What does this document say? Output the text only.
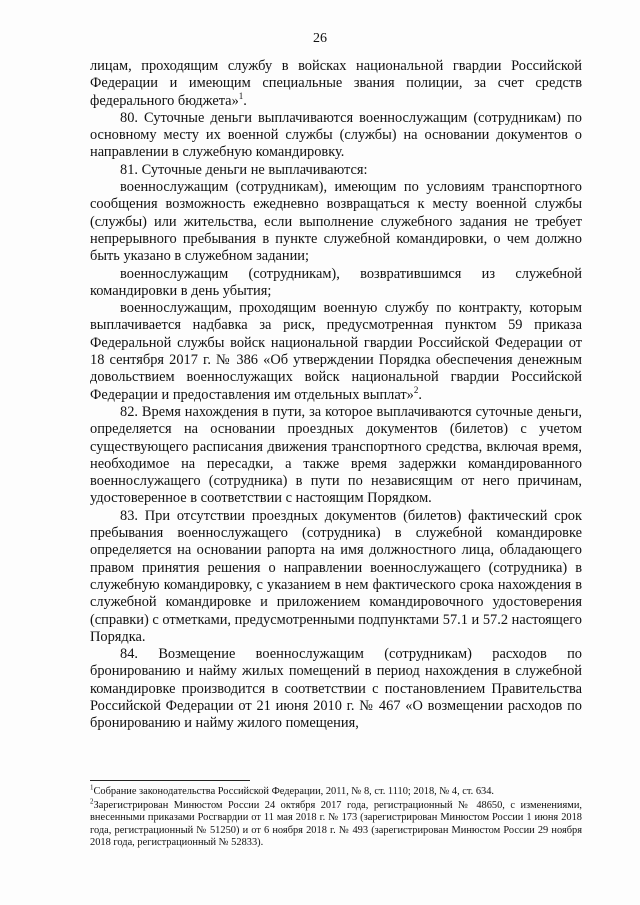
26

лицам, проходящим службу в войсках национальной гвардии Российской Федерации и имеющим специальные звания полиции, за счет средств федерального бюджета»$^1$.

80. Суточные деньги выплачиваются военнослужащим (сотрудникам) по основному месту их военной службы (службы) на основании документов о направлении в служебную командировку.

81. Суточные деньги не выплачиваются:

военнослужащим (сотрудникам), имеющим по условиям транспортного сообщения возможность ежедневно возвращаться к месту военной службы (службы) или жительства, если выполнение служебного задания не требует непрерывного пребывания в пункте служебной командировки, о чем должно быть указано в служебном задании;

военнослужащим (сотрудникам), возвратившимся из служебной командировки в день убытия;

военнослужащим, проходящим военную службу по контракту, которым выплачивается надбавка за риск, предусмотренная пунктом 59 приказа Федеральной службы войск национальной гвардии Российской Федерации от 18 сентября 2017 г. № 386 «Об утверждении Порядка обеспечения денежным довольствием военнослужащих войск национальной гвардии Российской Федерации и предоставления им отдельных выплат»$^2$.

82. Время нахождения в пути, за которое выплачиваются суточные деньги, определяется на основании проездных документов (билетов) с учетом существующего расписания движения транспортного средства, включая время, необходимое на пересадки, а также время задержки командированного военнослужащего (сотрудника) в пути по независящим от него причинам, удостоверенное в соответствии с настоящим Порядком.

83. При отсутствии проездных документов (билетов) фактический срок пребывания военнослужащего (сотрудника) в служебной командировке определяется на основании рапорта на имя должностного лица, обладающего правом принятия решения о направлении военнослужащего (сотрудника) в служебную командировку, с указанием в нем фактического срока нахождения в служебной командировке и приложением командировочного удостоверения (справки) с отметками, предусмотренными подпунктами 57.1 и 57.2 настоящего Порядка.

84. Возмещение военнослужащим (сотрудникам) расходов по бронированию и найму жилых помещений в период нахождения в служебной командировке производится в соответствии с постановлением Правительства Российской Федерации от 21 июня 2010 г. № 467 «О возмещении расходов по бронированию и найму жилого помещения,

$^1$Собрание законодательства Российской Федерации, 2011, № 8, ст. 1110; 2018, № 4, ст. 634.

$^2$Зарегистрирован Минюстом России 24 октября 2017 года, регистрационный № 48650, с изменениями, внесенными приказами Росгвардии от 11 мая 2018 г. № 173 (зарегистрирован Минюстом России 1 июня 2018 года, регистрационный № 51250) и от 6 ноября 2018 г. № 493 (зарегистрирован Минюстом России 29 ноября 2018 года, регистрационный № 52833).
